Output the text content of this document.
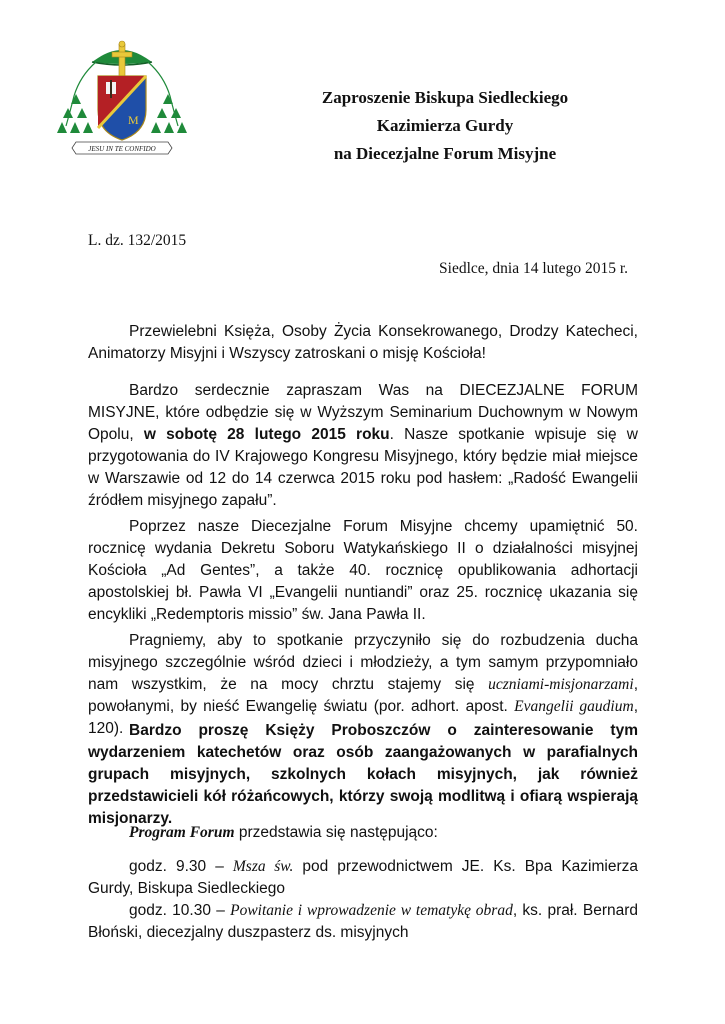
M
JESU IN TE CONFIDO
Zaproszenie Biskupa Siedleckiego
Kazimierza Gurdy
na Diecezjalne Forum Misyjne
L. dz. 132/2015
Siedlce, dnia 14 lutego 2015 r.

Przewielebni Księża, Osoby Życia Konsekrowanego, Drodzy Katecheci, Animatorzy Misyjni i Wszyscy zatroskani o misję Kościoła!

Bardzo serdecznie zapraszam Was na DIECEZJALNE FORUM MISYJNE, które odbędzie się w Wyższym Seminarium Duchownym w Nowym Opolu, w sobotę 28 lutego 2015 roku. Nasze spotkanie wpisuje się w przygotowania do IV Krajowego Kongresu Misyjnego, który będzie miał miejsce w Warszawie od 12 do 14 czerwca 2015 roku pod hasłem: „Radość Ewangelii źródłem misyjnego zapału”.

Poprzez nasze Diecezjalne Forum Misyjne chcemy upamiętnić 50. rocznicę wydania Dekretu Soboru Watykańskiego II o działalności misyjnej Kościoła „Ad Gentes”, a także 40. rocznicę opublikowania adhortacji apostolskiej bł. Pawła VI „Evangelii nuntiandi” oraz 25. rocznicę ukazania się encykliki „Redemptoris missio” św. Jana Pawła II.

Pragniemy, aby to spotkanie przyczyniło się do rozbudzenia ducha misyjnego szczególnie wśród dzieci i młodzieży, a tym samym przypomniało nam wszystkim, że na mocy chrztu stajemy się uczniami-misjonarzami, powołanymi, by nieść Ewangelię światu (por. adhort. apost. Evangelii gaudium, 120). Bardzo proszę Księży Proboszczów o zainteresowanie tym wydarzeniem katechetów oraz osób zaangażowanych w parafialnych grupach misyjnych, szkolnych kołach misyjnych, jak również przedstawicieli kół różańcowych, którzy swoją modlitwą i ofiarą wspierają misjonarzy.

Program Forum przedstawia się następująco:

godz. 9.30 – Msza św. pod przewodnictwem JE. Ks. Bpa Kazimierza Gurdy, Biskupa Siedleckiego

godz. 10.30 – Powitanie i wprowadzenie w tematykę obrad, ks. prał. Bernard Błoński, diecezjalny duszpasterz ds. misyjnych
